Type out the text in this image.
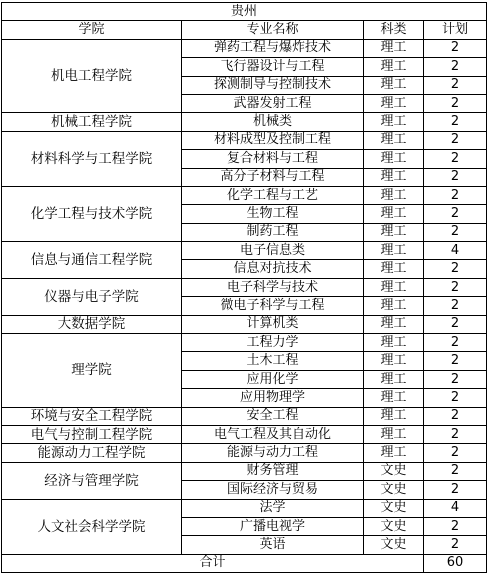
贵州			
学院	专业名称	科类	计划
机电工程学院	弹药工程与爆炸技术	理工	2
	飞行器设计与工程	理工	2
	探测制导与控制技术	理工	2
	武器发射工程	理工	2
机械工程学院	机械类	理工	2
材料科学与工程学院	材料成型及控制工程	理工	2
	复合材料与工程	理工	2
	高分子材料与工程	理工	2
化学工程与技术学院	化学工程与工艺	理工	2
	生物工程	理工	2
	制药工程	理工	2
信息与通信工程学院	电子信息类	理工	4
	信息对抗技术	理工	2
仪器与电子学院	电子科学与技术	理工	2
	微电子科学与工程	理工	2
大数据学院	计算机类	理工	2
理学院	工程力学	理工	2
	土木工程	理工	2
	应用化学	理工	2
	应用物理学	理工	2
环境与安全工程学院	安全工程	理工	2
电气与控制工程学院	电气工程及其自动化	理工	2
能源动力工程学院	能源与动力工程	理工	2
经济与管理学院	财务管理	文史	2
	国际经济与贸易	文史	2
人文社会科学学院	法学	文史	4
	广播电视学	文史	2
	英语	文史	2
合计			60
